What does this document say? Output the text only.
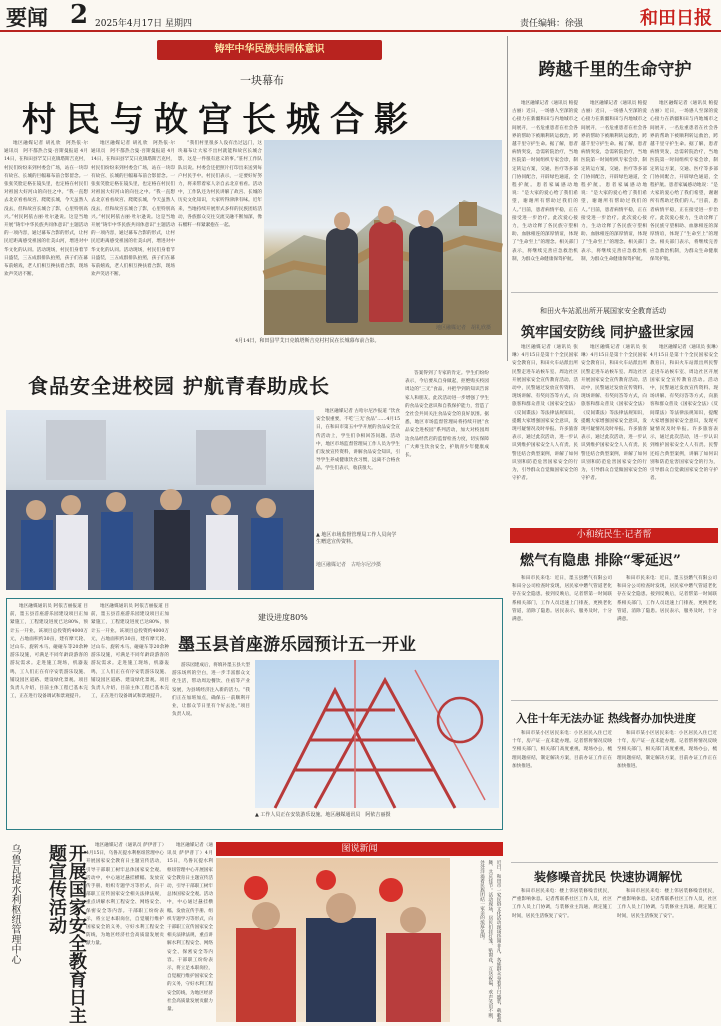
要闻 2 2025年4月17日 星期四	责任编辑：徐强	和田日报
铸牢中华民族共同体意识
一块幕布
村民与故宫长城合影
地区融媒记者 胡礼欣　阿热依·尔　通讯员　阿不都热合曼·吾斯曼报道 4月14日，在和田县罕艾日克镇塔斯吉克村，村民们纷纷来到村委会广场，站在一块印有故宫、长城的巨幅幕布前合影留念。一张张笑脸定格在镜头里，也定格在村民们对祖国大好河山的向往之中。“我一直想去北京看看故宫、爬爬长城，今天虽然人没去，但和故宫长城合了影，心里特别高兴。”村民阿依古丽·吐尔逊说。这是当地开展“铸牢中华民族共同体意识”主题活动的一项内容，通过幕布合影的形式，让村民近距离感受祖国的壮美山河，增进对中华文化的认同。活动现场，村民们身着节日盛装，三五成群排队拍照，孩子们在幕布前嬉戏，老人们相互搀扶着合影，现场欢声笑语不断。
地区融媒记者 胡礼欣　阿热依·尔　通讯员　阿不都热合曼·吾斯曼报道 4月14日，在和田县罕艾日克镇塔斯吉克村，村民们纷纷来到村委会广场，站在一块印有故宫、长城的巨幅幕布前合影留念。一张张笑脸定格在镜头里，也定格在村民们对祖国大好河山的向往之中。“我一直想去北京看看故宫、爬爬长城，今天虽然人没去，但和故宫长城合了影，心里特别高兴。”村民阿依古丽·吐尔逊说。这是当地开展“铸牢中华民族共同体意识”主题活动的一项内容，通过幕布合影的形式，让村民近距离感受祖国的壮美山河，增进对中华文化的认同。活动现场，村民们身着节日盛装，三五成群排队拍照，孩子们在幕布前嬉戏，老人们相互搀扶着合影，现场欢声笑语不断。
“我们村里很多人没有出过远门，这块幕布让大家不出村就能和故宫长城合影，这是一件很有意义的事。”驻村工作队队员说。村委会还把照片打印出来送到每户村民手中。村民们表示，一定要好好努力，将来带着家人亲自去北京看看。活动中，工作队还为村民讲解了故宫、长城的历史文化知识，大家听得津津有味。近年来，当地持续开展形式多样的民族团结活动，各族群众交往交流交融不断加深，像石榴籽一样紧紧抱在一起。
4月14日，和田县罕艾日克镇塔斯吉克村村民在长城幕布前合影。
地区融媒记者　胡礼欣摄
跨越千里的生命守护
地区融媒记者（通讯员 帕提古丽）近日，一场感人至深的爱心接力在新疆和田与内地城市之间展开，一名危重患者在社会各界的帮助下被顺利转运救治，跨越千里守护生命。据了解，患者病情突发，急需转院治疗，当地医院第一时间组织专家会诊，制定转运方案，交通、医疗等多部门协同配合，开辟绿色通道，全程护航。患者家属感动地说：“是大家的爱心给了我们希望，谢谢所有帮助过我们的人。”目前，患者病情平稳，正在接受进一步治疗。此次爱心接力，生动诠释了各民族守望相助、血脉相连的深厚情谊，体现了“生命至上”的理念。相关部门表示，将继续完善应急救治机制，为群众生命健康保驾护航。
地区融媒记者（通讯员 帕提古丽）近日，一场感人至深的爱心接力在新疆和田与内地城市之间展开，一名危重患者在社会各界的帮助下被顺利转运救治，跨越千里守护生命。据了解，患者病情突发，急需转院治疗，当地医院第一时间组织专家会诊，制定转运方案，交通、医疗等多部门协同配合，开辟绿色通道，全程护航。患者家属感动地说：“是大家的爱心给了我们希望，谢谢所有帮助过我们的人。”目前，患者病情平稳，正在接受进一步治疗。此次爱心接力，生动诠释了各民族守望相助、血脉相连的深厚情谊，体现了“生命至上”的理念。相关部门表示，将继续完善应急救治机制，为群众生命健康保驾护航。
地区融媒记者（通讯员 帕提古丽）近日，一场感人至深的爱心接力在新疆和田与内地城市之间展开，一名危重患者在社会各界的帮助下被顺利转运救治，跨越千里守护生命。据了解，患者病情突发，急需转院治疗，当地医院第一时间组织专家会诊，制定转运方案，交通、医疗等多部门协同配合，开辟绿色通道，全程护航。患者家属感动地说：“是大家的爱心给了我们希望，谢谢所有帮助过我们的人。”目前，患者病情平稳，正在接受进一步治疗。此次爱心接力，生动诠释了各民族守望相助、血脉相连的深厚情谊，体现了“生命至上”的理念。相关部门表示，将继续完善应急救治机制，为群众生命健康保驾护航。
和田火车站派出所开展国家安全教育活动
筑牢国安防线 同护盛世家园
地区融媒记者（通讯员 张琳）4月15日是第十个全民国家安全教育日，和田火车站派出所民警走进车站候车室、周边社区开展国家安全宣传教育活动。活动中，民警通过发放宣传资料、现场讲解、有奖问答等方式，向旅客和群众普及《国家安全法》《反间谍法》等法律法规知识，提醒大家增强国家安全意识，发现可疑情况及时举报。许多旅客表示，通过此次活动，进一步认识到维护国家安全人人有责。民警还结合典型案例，讲解了如何识别和防范危害国家安全的行为，引导群众自觉做国家安全的守护者。
地区融媒记者（通讯员 张琳）4月15日是第十个全民国家安全教育日，和田火车站派出所民警走进车站候车室、周边社区开展国家安全宣传教育活动。活动中，民警通过发放宣传资料、现场讲解、有奖问答等方式，向旅客和群众普及《国家安全法》《反间谍法》等法律法规知识，提醒大家增强国家安全意识，发现可疑情况及时举报。许多旅客表示，通过此次活动，进一步认识到维护国家安全人人有责。民警还结合典型案例，讲解了如何识别和防范危害国家安全的行为，引导群众自觉做国家安全的守护者。
地区融媒记者（通讯员 张琳）4月15日是第十个全民国家安全教育日，和田火车站派出所民警走进车站候车室、周边社区开展国家安全宣传教育活动。活动中，民警通过发放宣传资料、现场讲解、有奖问答等方式，向旅客和群众普及《国家安全法》《反间谍法》等法律法规知识，提醒大家增强国家安全意识，发现可疑情况及时举报。许多旅客表示，通过此次活动，进一步认识到维护国家安全人人有责。民警还结合典型案例，讲解了如何识别和防范危害国家安全的行为，引导群众自觉做国家安全的守护者。
食品安全进校园 护航青春助成长
地区融媒记者 古哈尔尼沙报道 “饮食安全很重要，不吃‘三无’食品”……4月15日，在和田市第五中学开展的食品安全宣传活动上，学生们争相回答问题。活动中，地区市场监督管理局工作人员为学生们发放宣传资料，讲解食品安全知识，引导学生养成健康饮食习惯，远离不合格食品。学生们表示，收获很大。
答案得到了专家的肯定。学生们纷纷表示，今后要从自身做起，拒绝购买校园周边的“三无”食品，并把学到的知识告诉家人和朋友。此次活动进一步增强了学生的食品安全意识和自我保护能力，营造了全社会共同关注食品安全的良好氛围。据悉，地区市场监督管理局将持续开展“食品安全进校园”系列活动，加大对校园周边食品经营店的监督检查力度，切实保障广大师生饮食安全，护航青少年健康成长。
▲ 地区市场监督管理局工作人员向学生赠送宣传资料。
地区融媒记者　古哈尔尼沙摄
地区融媒通讯员 阿依吉丽报道 目前，墨玉县首座游乐园建设项目正加紧施工，工程建设进度已达80%，预计五一开业。该项目总投资约4000万元，占地面积约30亩，建有摩天轮、过山车、旋转木马、碰碰车等20余种游乐设施，可满足不同年龄段游客的游玩需求。走进施工现场，机器轰鸣，工人们正在有序安装游乐设施、铺设园区道路、建设绿化景观。项目负责人介绍，目前主体工程已基本完工，正在进行设备调试和景观提升。
地区融媒通讯员 阿依吉丽报道 目前，墨玉县首座游乐园建设项目正加紧施工，工程建设进度已达80%，预计五一开业。该项目总投资约4000万元，占地面积约30亩，建有摩天轮、过山车、旋转木马、碰碰车等20余种游乐设施，可满足不同年龄段游客的游玩需求。走进施工现场，机器轰鸣，工人们正在有序安装游乐设施、铺设园区道路、建设绿化景观。项目负责人介绍，目前主体工程已基本完工，正在进行设备调试和景观提升。
建设进度80%
墨玉县首座游乐园预计五一开业
游乐园建成后，将填补墨玉县大型游乐场所的空白，进一步丰富群众文化生活，带动周边餐饮、住宿等产业发展，为县域经济注入新的活力。“我们正在加班加点，确保五一前顺利开业，让群众节日里有个好去处。”项目负责人说。
▲ 工作人员正在安装游乐设施。地区融媒通讯员　阿依吉丽摄
乌鲁瓦提水利枢纽管理中心	开展国家安全教育日主题宣传活动	地区融媒记者（通讯员 萨伊普丁）4月15日，乌鲁瓦提水利枢纽管理中心开展国家安全教育日主题宣传活动，引导干部职工树牢总体国家安全观。活动中，中心通过悬挂横幅、发放宣传手册、组织专题学习等形式，向干部职工宣传国家安全相关法律法规，重点讲解水利工程安全、网络安全、保密安全等内容。干部职工纷纷表示，将立足本职岗位，自觉履行维护国家安全的义务，守好水利工程安全防线，为地区经济社会高质量发展贡献力量。
地区融媒记者（通讯员 萨伊普丁）4月15日，乌鲁瓦提水利枢纽管理中心开展国家安全教育日主题宣传活动，引导干部职工树牢总体国家安全观。活动中，中心通过悬挂横幅、发放宣传手册、组织专题学习等形式，向干部职工宣传国家安全相关法律法规，重点讲解水利工程安全、网络安全、保密安全等内容。干部职工纷纷表示，将立足本职岗位，自觉履行维护国家安全的义务，守好水利工程安全防线，为地区经济社会高质量发展贡献力量。
图说新闻
近日，和田市一家民俗文化活动现场热闹非凡，各族群众身着节日盛装，载歌载舞，共庆佳节。活动现场，居民们挂灯笼、贴窗花，互送祝福，欢声笑语不断，处处洋溢着民族团结一家亲的浓厚氛围。
小和统民生·记者帮
燃气有隐患 排除“零延迟”
和田市民来电：近日，墨玉县燃气有限公司和田分公司检查时发现，居民家中燃气管道老化存在安全隐患。接到反映后，记者帮第一时间联系相关部门，工作人员迅速上门排查，更换老化管道，消除了隐患。居民表示，服务及时，十分满意。
和田市民来电：近日，墨玉县燃气有限公司和田分公司检查时发现，居民家中燃气管道老化存在安全隐患。接到反映后，记者帮第一时间联系相关部门，工作人员迅速上门排查，更换老化管道，消除了隐患。居民表示，服务及时，十分满意。
入住十年无法办证 热线督办加快进度
和田市某小区居民来电：小区居民入住已近十年，房产证一直未能办理。记者帮将情况反映至相关部门，相关部门高度重视，现场办公，梳理问题症结，制定解决方案，目前办证工作正在加快推进。
和田市某小区居民来电：小区居民入住已近十年，房产证一直未能办理。记者帮将情况反映至相关部门，相关部门高度重视，现场办公，梳理问题症结，制定解决方案，目前办证工作正在加快推进。
装修噪音扰民 快速协调解忧
和田市居民来电：楼上邻居装修噪音扰民，严重影响休息。记者帮联系社区工作人员，社区工作人员上门协调，与装修业主沟通，规定施工时间，居民生活恢复了安宁。
和田市居民来电：楼上邻居装修噪音扰民，严重影响休息。记者帮联系社区工作人员，社区工作人员上门协调，与装修业主沟通，规定施工时间，居民生活恢复了安宁。
